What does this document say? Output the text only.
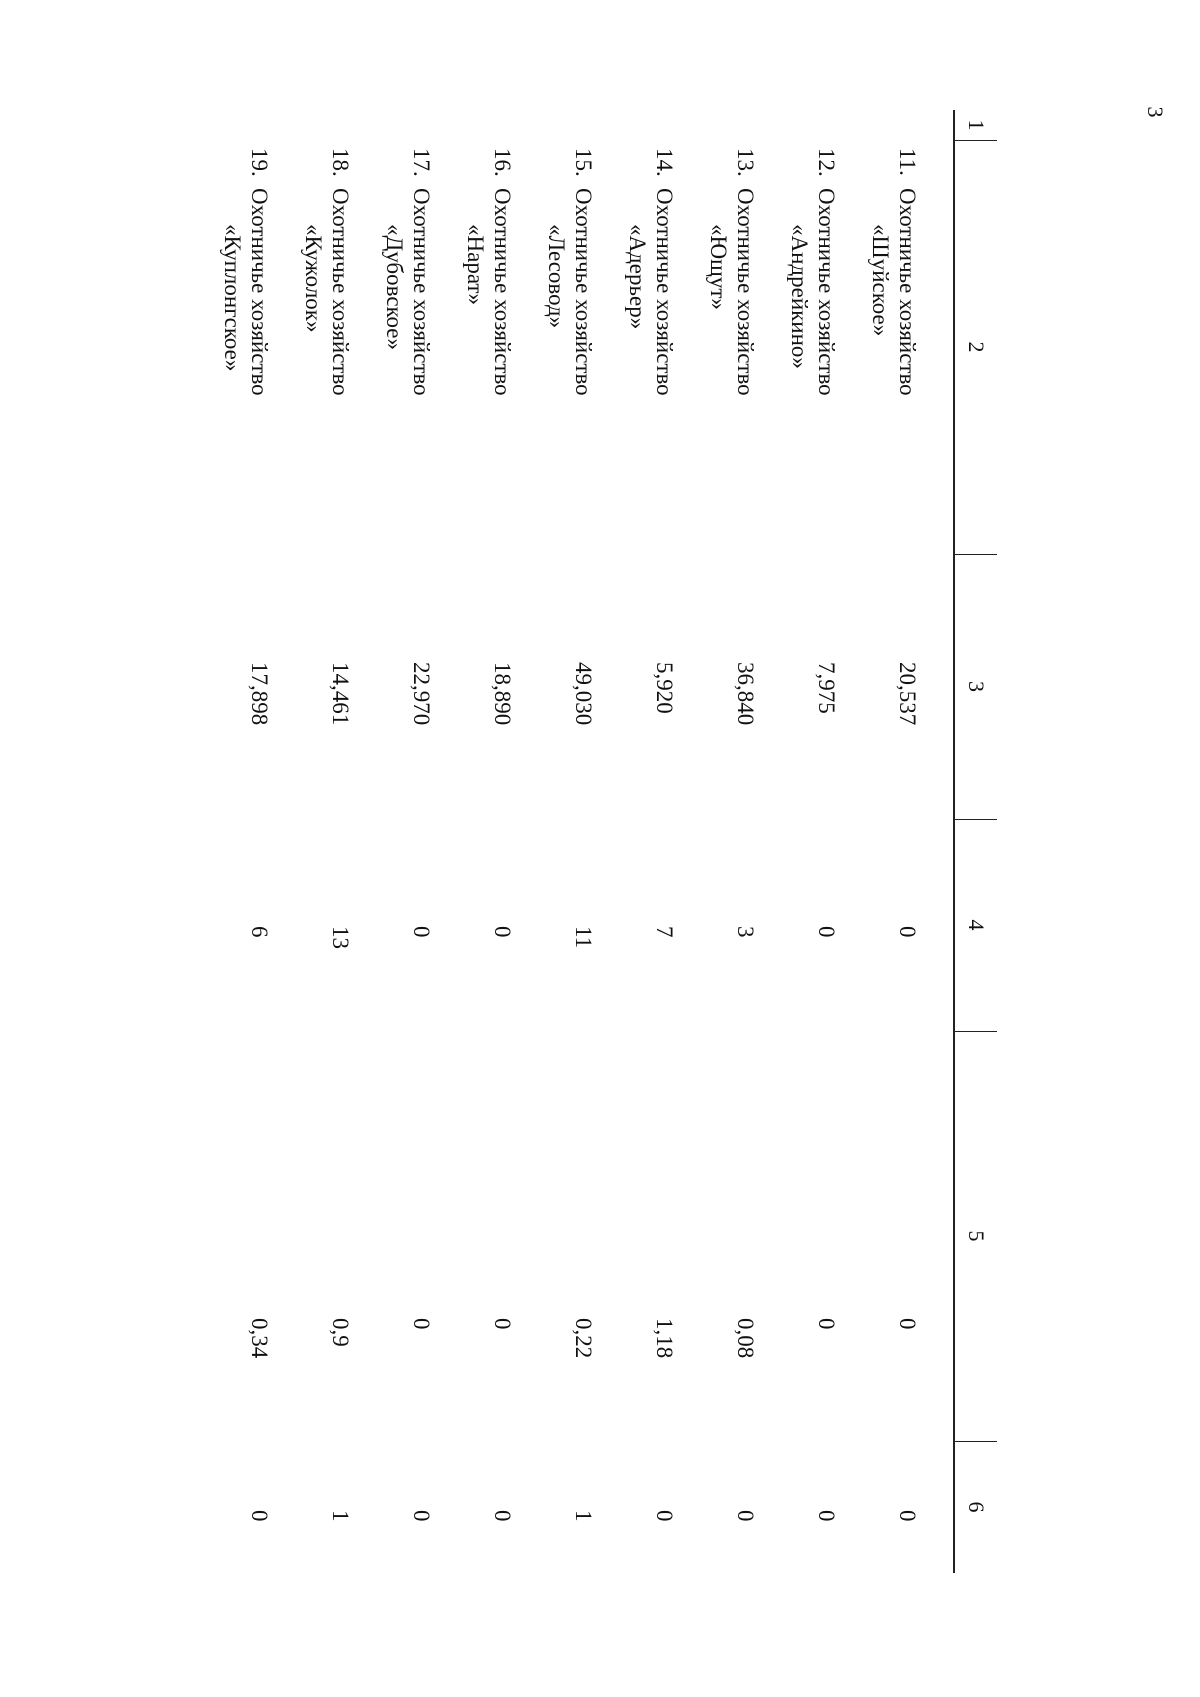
3
1
2
3
4
5
6
11.
Охотничье хозяйство
«Шуйское»
20,537
0
0
0
12.
Охотничье хозяйство
«Андрейкино»
7,975
0
0
0
13.
Охотничье хозяйство
«Ющут»
36,840
3
0,08
0
14.
Охотничье хозяйство
«Адерьер»
5,920
7
1,18
0
15.
Охотничье хозяйство
«Лесовод»
49,030
11
0,22
1
16.
Охотничье хозяйство
«Нарат»
18,890
0
0
0
17.
Охотничье хозяйство
«Дубовское»
22,970
0
0
0
18.
Охотничье хозяйство
«Кужолок»
14,461
13
0,9
1
19.
Охотничье хозяйство
«Куплонгское»
17,898
6
0,34
0
